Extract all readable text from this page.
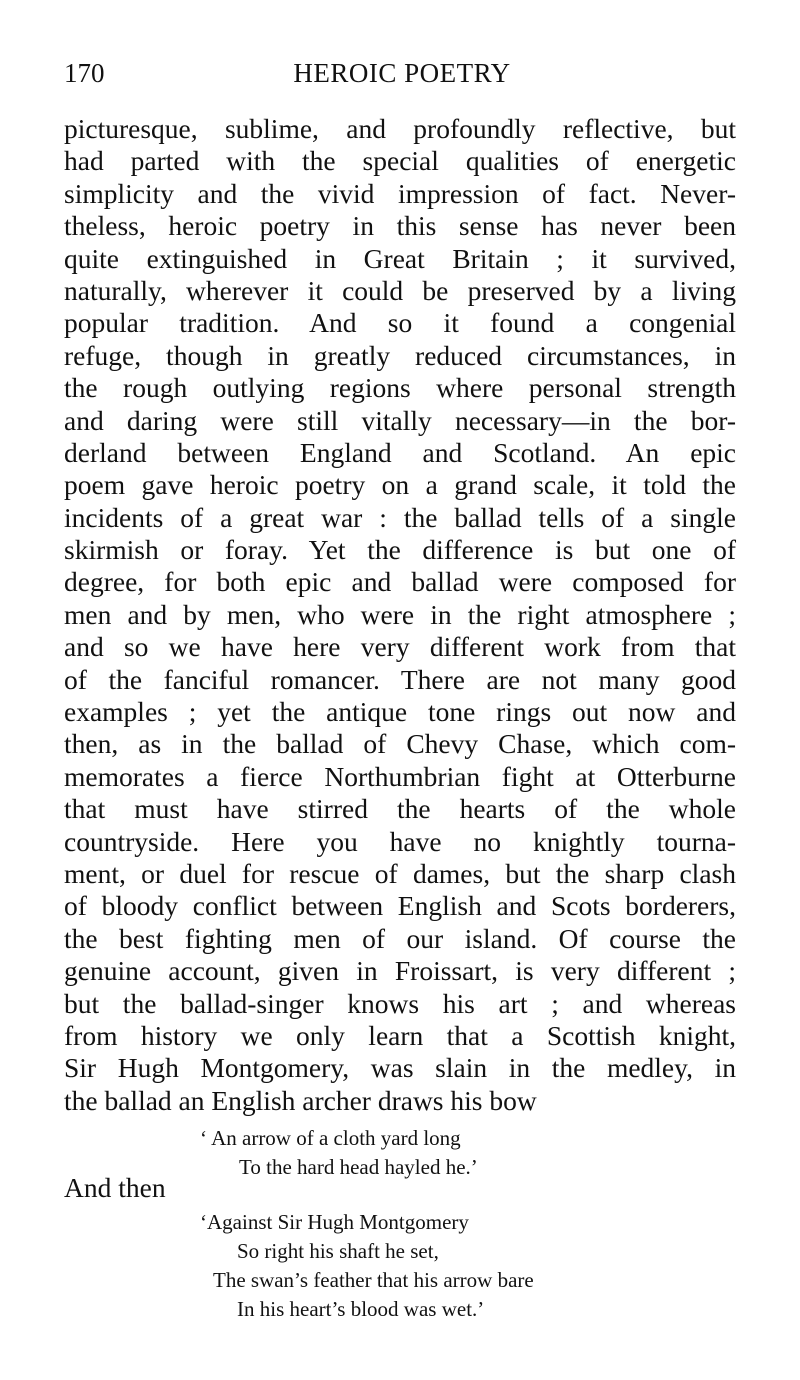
170	HEROIC POETRY
picturesque, sublime, and profoundly reflective, but
had parted with the special qualities of energetic
simplicity and the vivid impression of fact. Never-
theless, heroic poetry in this sense has never been
quite extinguished in Great Britain ; it survived,
naturally, wherever it could be preserved by a living
popular tradition. And so it found a congenial
refuge, though in greatly reduced circumstances, in
the rough outlying regions where personal strength
and daring were still vitally necessary—in the bor-
derland between England and Scotland. An epic
poem gave heroic poetry on a grand scale, it told the
incidents of a great war : the ballad tells of a single
skirmish or foray. Yet the difference is but one of
degree, for both epic and ballad were composed for
men and by men, who were in the right atmosphere ;
and so we have here very different work from that
of the fanciful romancer. There are not many good
examples ; yet the antique tone rings out now and
then, as in the ballad of Chevy Chase, which com-
memorates a fierce Northumbrian fight at Otterburne
that must have stirred the hearts of the whole
countryside. Here you have no knightly tourna-
ment, or duel for rescue of dames, but the sharp clash
of bloody conflict between English and Scots borderers,
the best fighting men of our island. Of course the
genuine account, given in Froissart, is very different ;
but the ballad-singer knows his art ; and whereas
from history we only learn that a Scottish knight,
Sir Hugh Montgomery, was slain in the medley, in
the ballad an English archer draws his bow
‘ An arrow of a cloth yard long
To the hard head hayled he.’
And then
‘Against Sir Hugh Montgomery
So right his shaft he set,
The swan’s feather that his arrow bare
In his heart’s blood was wet.’
